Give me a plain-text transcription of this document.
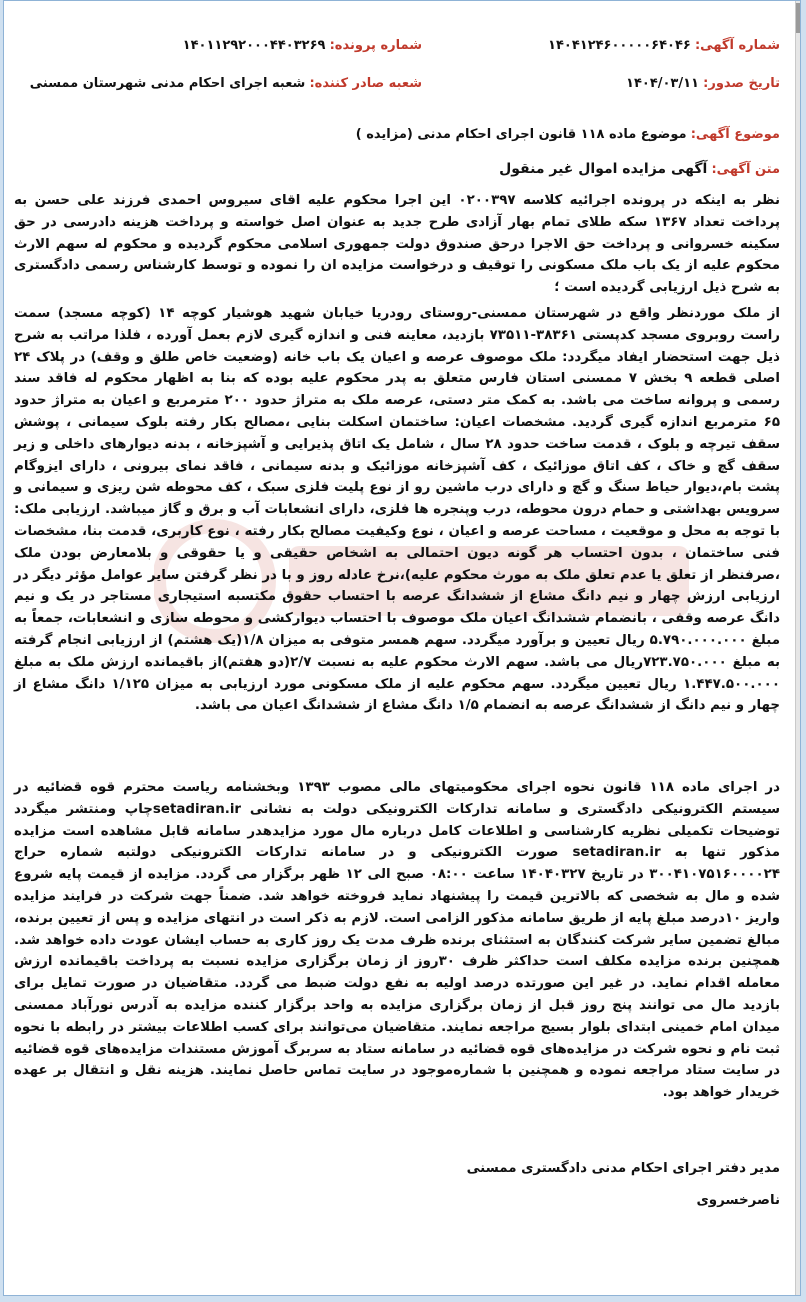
شماره آگهی: ۱۴۰۴۱۲۴۶۰۰۰۰۰۶۴۰۴۶
شماره پرونده: ۱۴۰۱۱۲۹۲۰۰۰۴۴۰۳۲۶۹
تاریخ صدور: ۱۴۰۴/۰۳/۱۱
شعبه صادر کننده: شعبه اجرای احکام مدنی شهرستان ممسنی
موضوع آگهی: موضوع ماده ۱۱۸ قانون اجرای احکام مدنی (مزایده )
متن آگهی: آگهی مزایده اموال غیر منقول
نظر به اینکه در پرونده اجرائیه کلاسه ۰۲۰۰۳۹۷ این اجرا محکوم علیه اقای سیروس احمدی فرزند علی حسن به پرداخت تعداد ۱۳۶۷ سکه طلای تمام بهار آزادی طرح جدید به عنوان اصل خواسته و پرداخت هزینه دادرسی در حق سکینه خسروانی و پرداخت حق الاجرا درحق صندوق دولت جمهوری اسلامی محکوم گردیده و محکوم له سهم الارث محکوم علیه از یک باب ملک مسکونی را توقیف و درخواست مزایده ان را نموده و توسط کارشناس رسمی دادگستری به شرح ذیل ارزیابی گردیده است ؛
از ملک موردنظر واقع در شهرستان ممسنی-روستای رودریا خیابان شهید هوشیار کوچه ۱۴ (کوچه مسجد) سمت راست روبروی مسجد کدپستی ۳۸۳۶۱-۷۳۵۱۱ بازدید، معاینه فنی و اندازه گیری لازم بعمل آورده ، فلذا مراتب به شرح ذیل جهت استحضار ایفاد میگردد: ملک موصوف عرصه و اعیان یک باب خانه (وضعیت خاص طلق و وقف) در پلاک ۲۴ اصلی قطعه ۹ بخش ۷ ممسنی استان فارس متعلق به پدر محکوم علیه بوده که بنا به اظهار محکوم له فاقد سند رسمی و پروانه ساخت می باشد. به کمک متر دستی، عرصه ملک به متراژ حدود ۲۰۰ مترمربع و اعیان به متراژ حدود ۶۵ مترمربع اندازه گیری گردید. مشخصات اعیان: ساختمان اسکلت بنایی ،مصالح بکار رفته بلوک سیمانی ، پوشش سقف تیرچه و بلوک ، قدمت ساخت حدود ۲۸ سال ، شامل یک اتاق پذیرایی و آشپزخانه ، بدنه دیوارهای داخلی و زیر سقف گچ و خاک ، کف اتاق موزائیک ، کف آشپزخانه موزائیک و بدنه سیمانی ، فاقد نمای بیرونی ، دارای ایزوگام پشت بام،دیوار حیاط سنگ و گچ و دارای درب ماشین رو از نوع پلیت فلزی سبک ، کف محوطه شن ریزی و سیمانی و سرویس بهداشتی و حمام درون محوطه، درب وپنجره ها فلزی، دارای انشعابات آب و برق و گاز میباشد. ارزیابی ملک: با توجه به محل و موقعیت ، مساحت عرصه و اعیان ، نوع وکیفیت مصالح بکار رفته ، نوع کاربری، قدمت بنا، مشخصات فنی ساختمان ، بدون احتساب هر گونه دیون احتمالی به اشخاص حقیقی و یا حقوقی و بلامعارض بودن ملک ،صرفنظر از تعلق یا عدم تعلق ملک به مورث محکوم علیه)،نرخ عادله روز و با در نظر گرفتن سایر عوامل مؤثر دیگر در ارزیابی ارزش چهار و نیم دانگ مشاع از ششدانگ عرصه با احتساب حقوق مکتسبه استیجاری مستاجر در یک و نیم دانگ عرصه وقفی ، بانضمام ششدانگ اعیان ملک موصوف با احتساب دیوارکشی و محوطه سازی و انشعابات، جمعاً به مبلغ ۵.۷۹۰.۰۰۰.۰۰۰ ریال تعیین و برآورد میگردد. سهم همسر متوفی به میزان ۱/۸(یک هشتم) از ارزیابی انجام گرفته به مبلغ ۷۲۳.۷۵۰.۰۰۰ریال می باشد. سهم الارث محکوم علیه به نسبت ۲/۷(دو هفتم)از باقیمانده ارزش ملک به مبلغ ۱.۴۴۷.۵۰۰.۰۰۰ ریال تعیین میگردد. سهم محکوم علیه از ملک مسکونی مورد ارزیابی به میزان ۱/۱۲۵ دانگ مشاع از چهار و نیم دانگ از ششدانگ عرصه به انضمام ۱/۵ دانگ مشاع از ششدانگ اعیان می باشد.
در اجرای ماده ۱۱۸ قانون نحوه اجرای محکومیتهای مالی مصوب ۱۳۹۳ وبخشنامه ریاست محترم قوه قضائیه در سیستم الکترونیکی دادگستری و سامانه تدارکات الکترونیکی دولت به نشانی setadiran.irچاپ ومنتشر میگردد توضیحات تکمیلی نظریه کارشناسی و اطلاعات کامل درباره مال مورد مزایدهدر سامانه قابل مشاهده است مزایده مذکور تنها به setadiran.ir صورت الکترونیکی و در سامانه تدارکات الکترونیکی دولتبه شماره حراج ۳۰۰۴۱۰۷۵۱۶۰۰۰۰۲۴ در تاریخ ۱۴۰۴۰۳۲۷ ساعت ۰۸:۰۰ صبح الی ۱۲ ظهر برگزار می گردد. مزایده از قیمت پایه شروع شده و مال به شخصی که بالاترین قیمت را پیشنهاد نماید فروخته خواهد شد. ضمناً جهت شرکت در فرایند مزایده واریز ۱۰درصد مبلغ پایه از طریق سامانه مذکور الزامی است. لازم به ذکر است در انتهای مزایده و پس از تعیین برنده، مبالغ تضمین سایر شرکت کنندگان به استثنای برنده ظرف مدت یک روز کاری به حساب ایشان عودت داده خواهد شد. همچنین برنده مزایده مکلف است حداکثر ظرف ۳۰روز از زمان برگزاری مزایده نسبت به پرداخت باقیمانده ارزش معامله اقدام نماید. در غیر این صورتده درصد اولیه به نفع دولت ضبط می گردد. متقاضیان در صورت تمایل برای بازدید مال می توانند پنج روز قبل از زمان برگزاری مزایده به واحد برگزار کننده مزایده به آدرس نورآباد ممسنی میدان امام خمینی ابتدای بلوار بسیج مراجعه نمایند. متقاضیان می‌توانند برای کسب اطلاعات بیشتر در رابطه با نحوه ثبت نام و نحوه شرکت در مزایده‌های قوه قضائیه در سامانه ستاد به سربرگ آموزش مستندات مزایده‌های قوه قضائیه در سایت ستاد مراجعه نموده و همچنین با شماره‌موجود در سایت تماس حاصل نمایند. هزینه نقل و انتقال بر عهده خریدار خواهد بود.
مدیر دفتر اجرای احکام مدنی دادگستری ممسنی
ناصرخسروی
